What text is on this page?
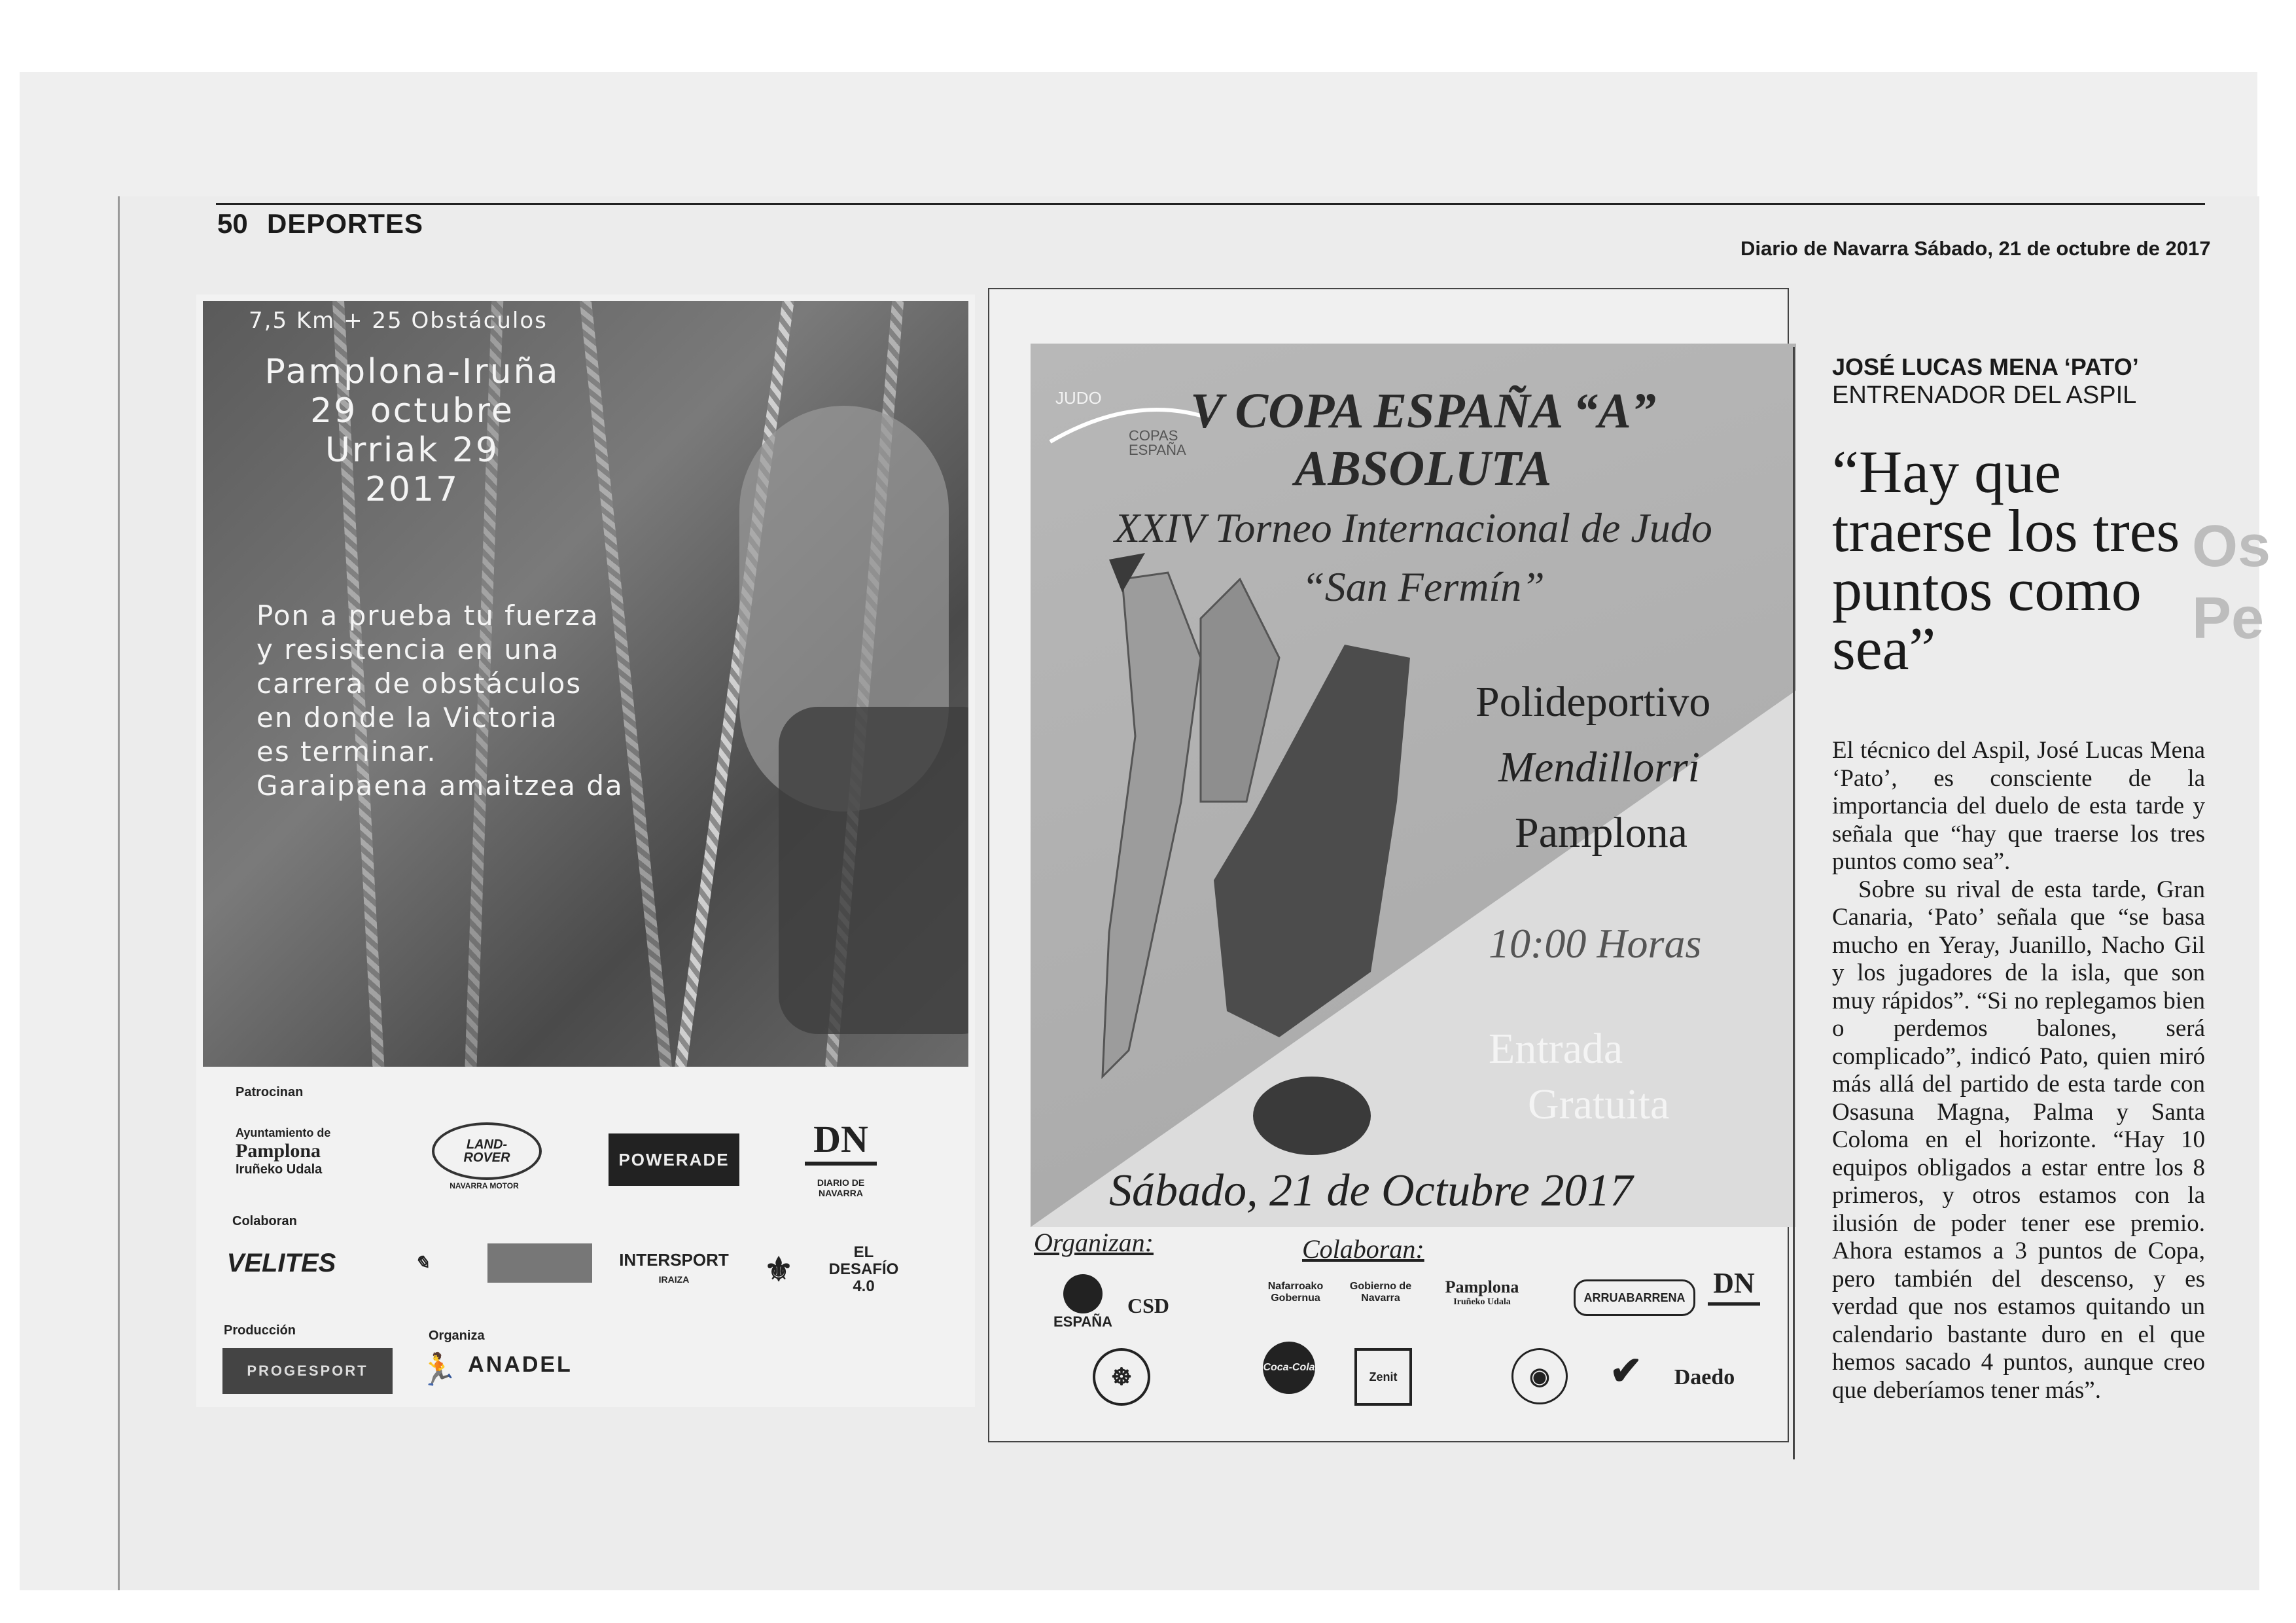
50 DEPORTES
Diario de Navarra Sábado, 21 de octubre de 2017
7,5 Km + 25 Obstáculos
Pamplona-Iruña
29 octubre
Urriak 29
2017
Pon a prueba tu fuerza
y resistencia en una
carrera de obstáculos
en donde la Victoria
es terminar.
Garaipaena amaitzea da
Patrocinan
Ayuntamiento de
Pamplona
Iruñeko Udala
LAND-
ROVER
NAVARRA MOTOR
POWERADE DN
DIARIO DE NAVARRA
Colaboran
VELITES	✎	INTERSPORT
IRAIZA	⚜	EL DESAFÍO 4.0
Producción
PROGESPORT
Organiza
🏃 ANADEL
JUDO
COPAS ESPAÑA
V COPA ESPAÑA “A”
ABSOLUTA
XXIV Torneo Internacional de Judo
“San Fermín”
Polideportivo
Mendillorri
Pamplona
10:00 Horas
Entrada
Gratuita
Sábado, 21 de Octubre 2017
Organizan:	Colaboran:
ESPAÑA
CSD
☸
Nafarroako Gobernua
Gobierno de Navarra
Pamplona
Iruñeko Udala	ARRUABARRENA DN
Coca-Cola
Zenit	◉	✔	Daedo
Os
Pe
JOSÉ LUCAS MENA ‘PATO’
ENTRENADOR DEL ASPIL
“Hay que traerse los tres puntos como sea”

El técnico del Aspil, José Lucas Mena ‘Pato’, es consciente de la importancia del duelo de esta tarde y señala que “hay que traerse los tres puntos como sea”.

Sobre su rival de esta tarde, Gran Canaria, ‘Pato’ señala que “se basa mucho en Yeray, Juanillo, Nacho Gil y los jugadores de la isla, que son muy rápidos”. “Si no replegamos bien o perdemos balones, será complicado”, indicó Pato, quien miró más allá del partido de esta tarde con Osasuna Magna, Palma y Santa Coloma en el horizonte. “Hay 10 equipos obligados a estar entre los 8 primeros, y otros estamos con la ilusión de poder tener ese premio. Ahora estamos a 3 puntos de Copa, pero también del descenso, y es verdad que nos estamos quitando un calendario bastante duro en el que hemos sacado 4 puntos, aunque creo que deberíamos tener más”.
